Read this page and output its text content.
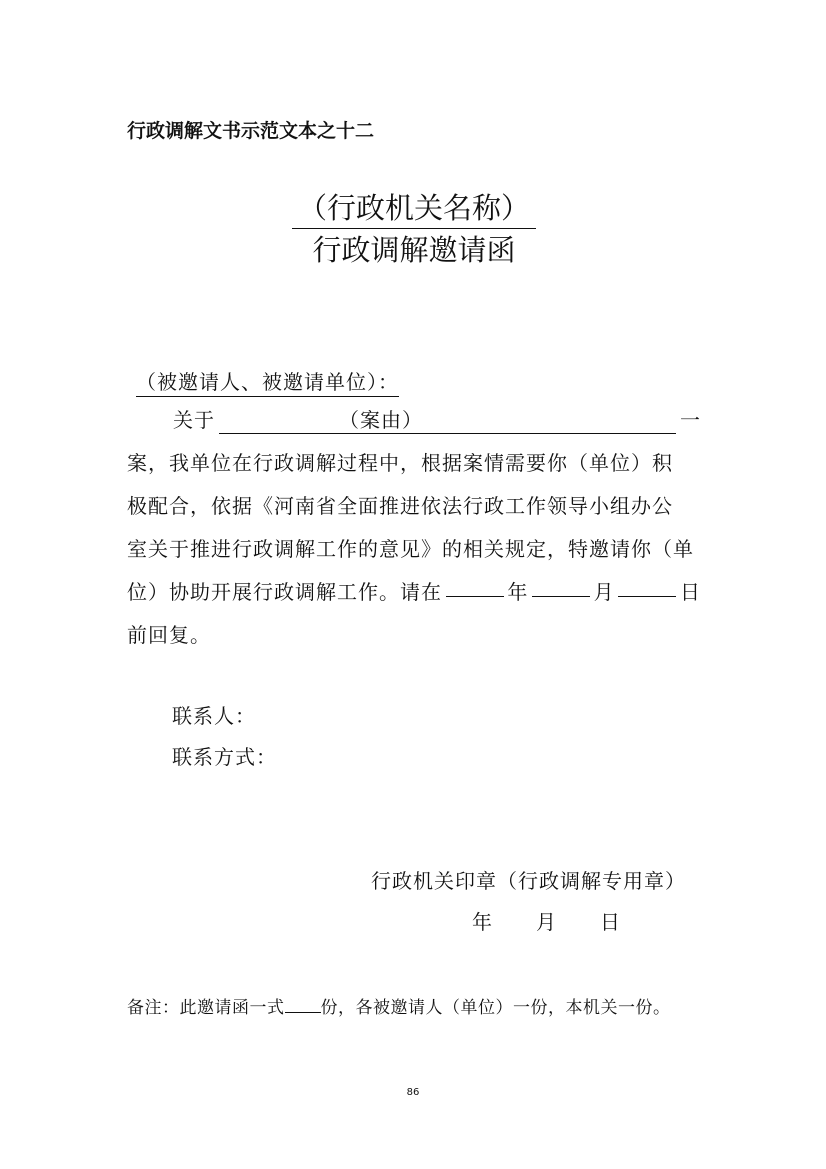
行政调解文书示范文本之十二
（行政机关名称）
行政调解邀请函
（被邀请人、被邀请单位）：
关于	（案由）	一
案，我单位在行政调解过程中，根据案情需要你（单位）积
极配合，依据《河南省全面推进依法行政工作领导小组办公
室关于推进行政调解工作的意见》的相关规定，特邀请你（单
位）协助开展行政调解工作。请在	年	月	日
前回复。
联系人：
联系方式：
行政机关印章（行政调解专用章）
年 月 日
备注：此邀请函一式 份，各被邀请人（单位）一份，本机关一份。
86
